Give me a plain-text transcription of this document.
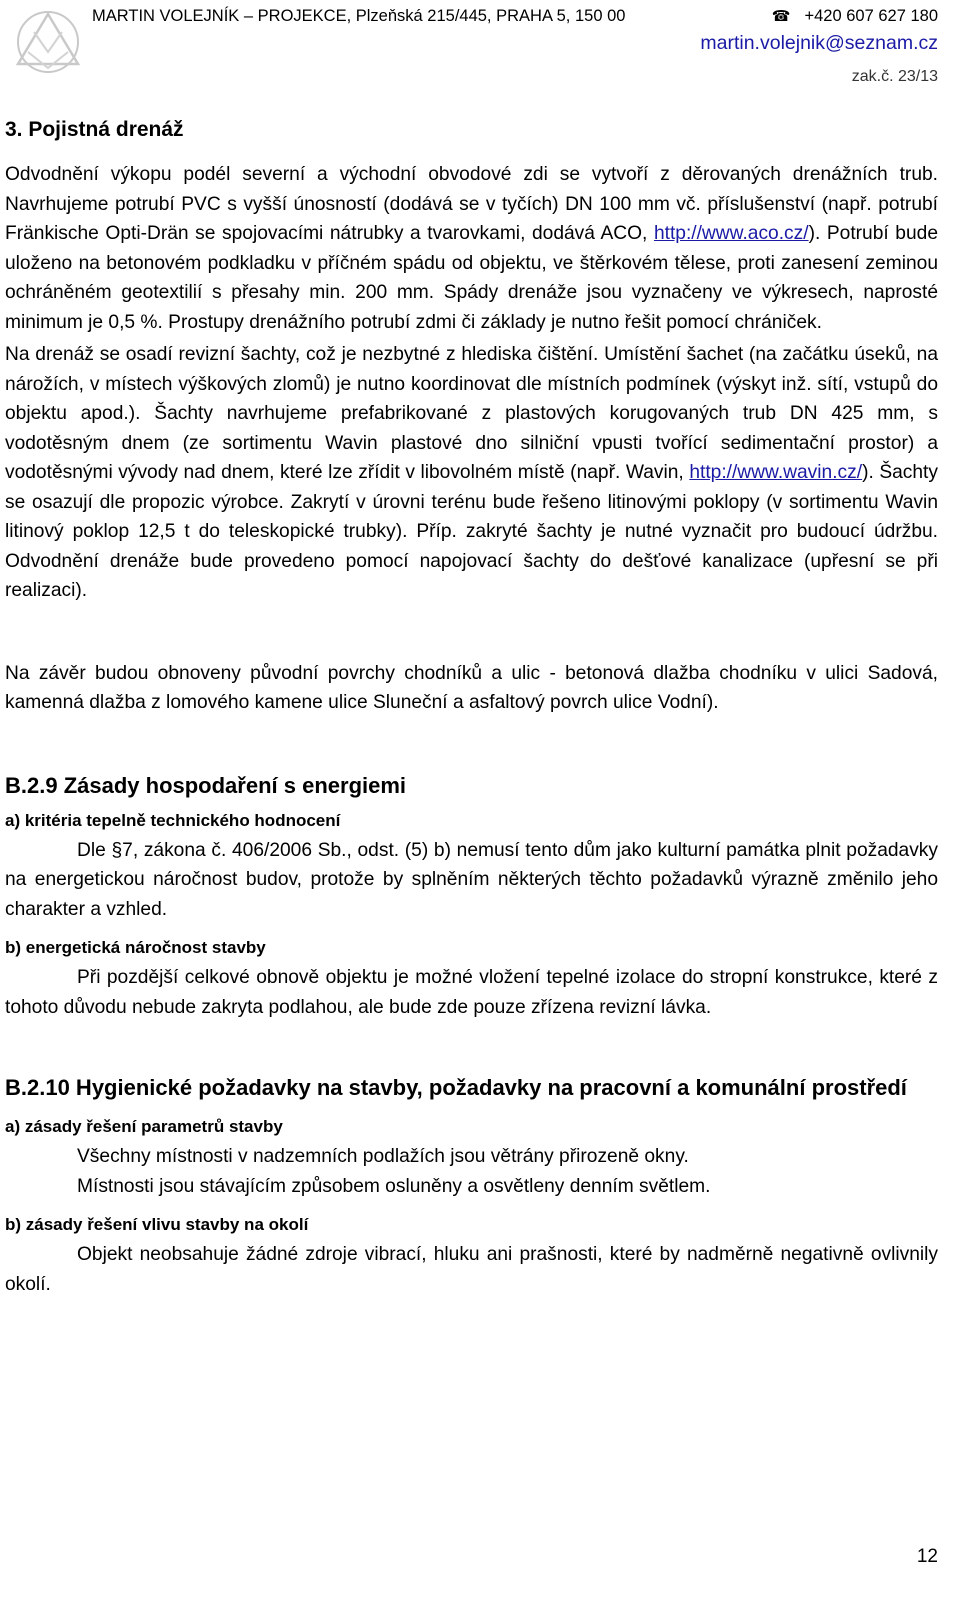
MARTIN VOLEJNÍK – PROJEKCE, Plzeňská 215/445, PRAHA 5, 150 00	☎ +420 607 627 180
martin.volejnik@seznam.cz
zak.č. 23/13
3. Pojistná drenáž

Odvodnění výkopu podél severní a východní obvodové zdi se vytvoří z děrovaných drenážních trub. Navrhujeme potrubí PVC s vyšší únosností (dodává se v tyčích) DN 100 mm vč. příslušenství (např. potrubí Fränkische Opti-Drän se spojovacími nátrubky a tvarovkami, dodává ACO, http://www.aco.cz/). Potrubí bude uloženo na betonovém podkladku v příčném spádu od objektu, ve štěrkovém tělese, proti zanesení zeminou ochráněném geotextilií s přesahy min. 200 mm. Spády drenáže jsou vyznačeny ve výkresech, naprosté minimum je 0,5 %. Prostupy drenážního potrubí zdmi či základy je nutno řešit pomocí chrániček.

Na drenáž se osadí revizní šachty, což je nezbytné z hlediska čištění. Umístění šachet (na začátku úseků, na nárožích, v místech výškových zlomů) je nutno koordinovat dle místních podmínek (výskyt inž. sítí, vstupů do objektu apod.). Šachty navrhujeme prefabrikované z plastových korugovaných trub DN 425 mm, s vodotěsným dnem (ze sortimentu Wavin plastové dno silniční vpusti tvořící sedimentační prostor) a vodotěsnými vývody nad dnem, které lze zřídit v libovolném místě (např. Wavin, http://www.wavin.cz/). Šachty se osazují dle propozic výrobce. Zakrytí v úrovni terénu bude řešeno litinovými poklopy (v sortimentu Wavin litinový poklop 12,5 t do teleskopické trubky). Příp. zakryté šachty je nutné vyznačit pro budoucí údržbu. Odvodnění drenáže bude provedeno pomocí napojovací šachty do dešťové kanalizace (upřesní se při realizaci).

Na závěr budou obnoveny původní povrchy chodníků a ulic - betonová dlažba chodníku v ulici Sadová, kamenná dlažba z lomového kamene ulice Sluneční a asfaltový povrch ulice Vodní).

B.2.9 Zásady hospodaření s energiemi
a) kritéria tepelně technického hodnocení

Dle §7, zákona č. 406/2006 Sb., odst. (5) b) nemusí tento dům jako kulturní památka plnit požadavky na energetickou náročnost budov, protože by splněním některých těchto požadavků výrazně změnilo jeho charakter a vzhled.

b) energetická náročnost stavby

Při pozdější celkové obnově objektu je možné vložení tepelné izolace do stropní konstrukce, které z tohoto důvodu nebude zakryta podlahou, ale bude zde pouze zřízena revizní lávka.

B.2.10 Hygienické požadavky na stavby, požadavky na pracovní a komunální prostředí
a) zásady řešení parametrů stavby

Všechny místnosti v nadzemních podlažích jsou větrány přirozeně okny.

Místnosti jsou stávajícím způsobem osluněny a osvětleny denním světlem.

b) zásady řešení vlivu stavby na okolí

Objekt neobsahuje žádné zdroje vibrací, hluku ani prašnosti, které by nadměrně negativně ovlivnily okolí.

12
